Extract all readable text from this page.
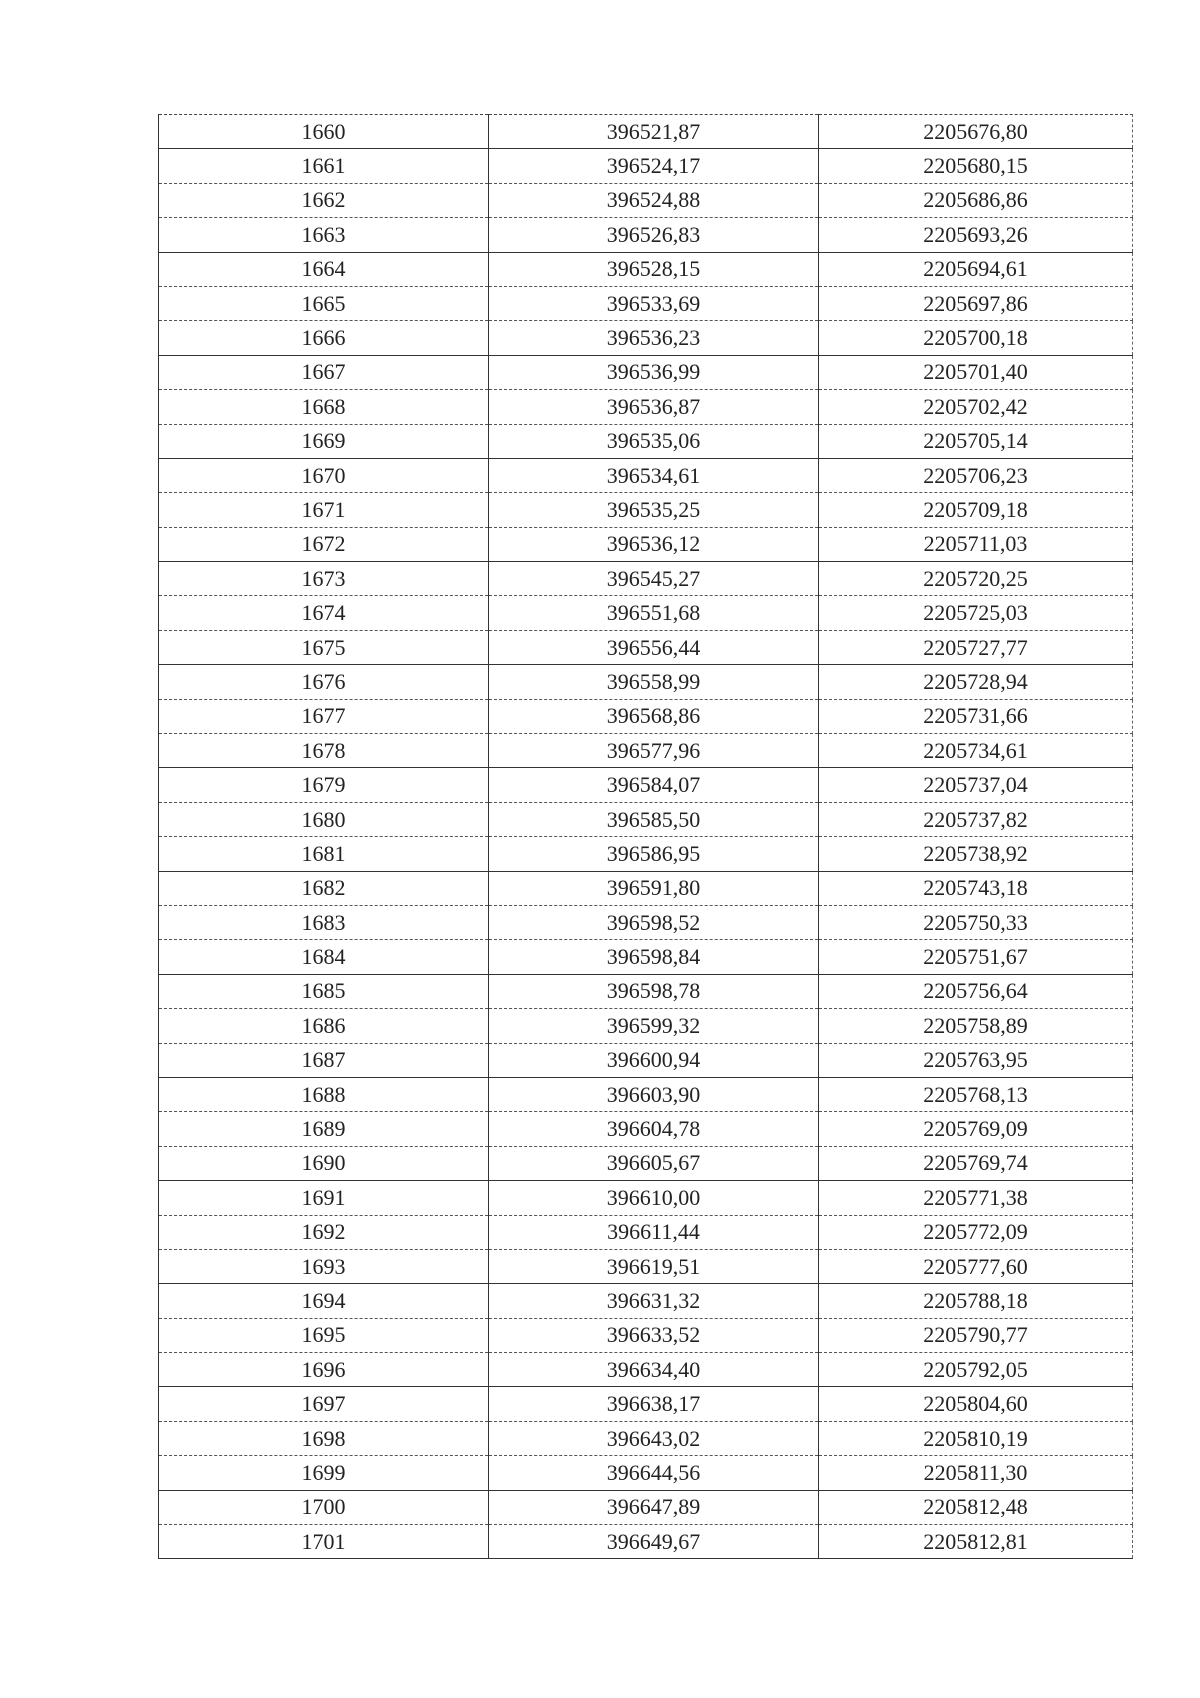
1660	396521,87	2205676,80
1661	396524,17	2205680,15
1662	396524,88	2205686,86
1663	396526,83	2205693,26
1664	396528,15	2205694,61
1665	396533,69	2205697,86
1666	396536,23	2205700,18
1667	396536,99	2205701,40
1668	396536,87	2205702,42
1669	396535,06	2205705,14
1670	396534,61	2205706,23
1671	396535,25	2205709,18
1672	396536,12	2205711,03
1673	396545,27	2205720,25
1674	396551,68	2205725,03
1675	396556,44	2205727,77
1676	396558,99	2205728,94
1677	396568,86	2205731,66
1678	396577,96	2205734,61
1679	396584,07	2205737,04
1680	396585,50	2205737,82
1681	396586,95	2205738,92
1682	396591,80	2205743,18
1683	396598,52	2205750,33
1684	396598,84	2205751,67
1685	396598,78	2205756,64
1686	396599,32	2205758,89
1687	396600,94	2205763,95
1688	396603,90	2205768,13
1689	396604,78	2205769,09
1690	396605,67	2205769,74
1691	396610,00	2205771,38
1692	396611,44	2205772,09
1693	396619,51	2205777,60
1694	396631,32	2205788,18
1695	396633,52	2205790,77
1696	396634,40	2205792,05
1697	396638,17	2205804,60
1698	396643,02	2205810,19
1699	396644,56	2205811,30
1700	396647,89	2205812,48
1701	396649,67	2205812,81
